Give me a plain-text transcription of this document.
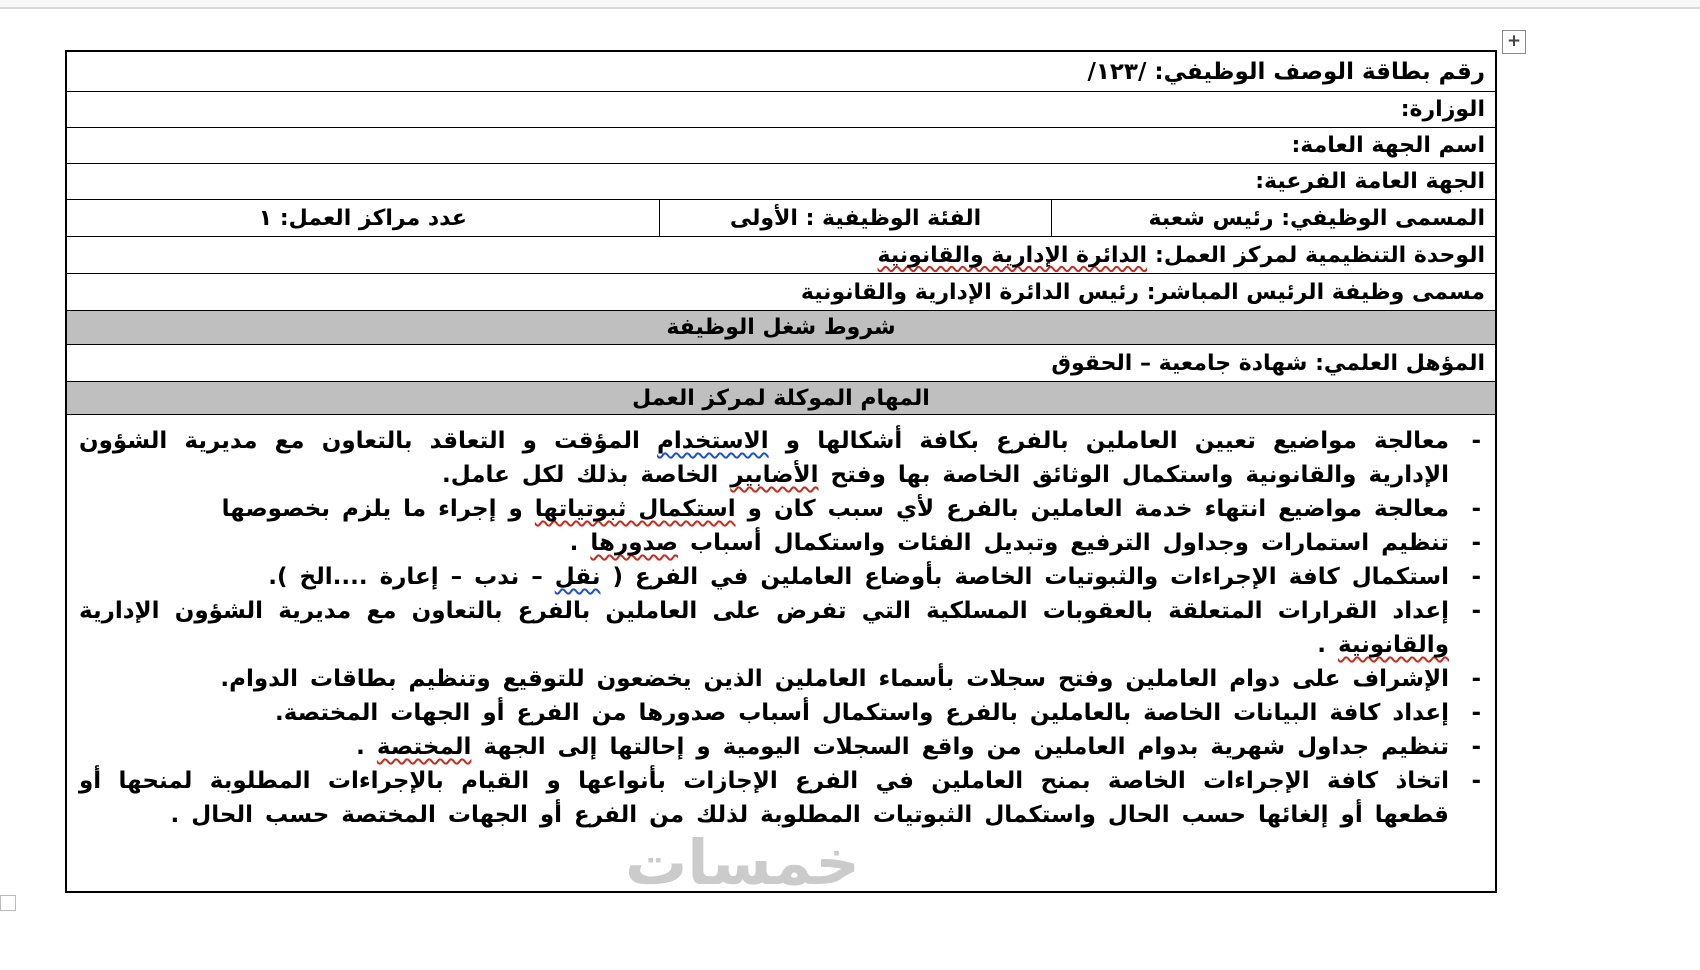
+
رقم بطاقة الوصف الوظيفي: /١٢٣/
الوزارة:
اسم الجهة العامة:
الجهة العامة الفرعية:
المسمى الوظيفي: رئيس شعبة
الفئة الوظيفية : الأولى
عدد مراكز العمل: ١
الوحدة التنظيمية لمركز العمل:
الدائرة الإدارية والقانونية
مسمى وظيفة الرئيس المباشر: رئيس الدائرة الإدارية والقانونية
شروط شغل الوظيفة
المؤهل العلمي: شهادة جامعية – الحقوق
المهام الموكلة لمركز العمل
-
معالجة مواضيع تعيين العاملين بالفرع بكافة أشكالها و الاستخدام المؤقت و التعاقد بالتعاون مع مديرية الشؤون الإدارية والقانونية واستكمال الوثائق الخاصة بها وفتح الأضابير الخاصة بذلك لكل عامل.
-
معالجة مواضيع انتهاء خدمة العاملين بالفرع لأي سبب كان و استكمال ثبوتياتها و إجراء ما يلزم بخصوصها
-
تنظيم استمارات وجداول الترفيع وتبديل الفئات واستكمال أسباب صدورها .
-
استكمال كافة الإجراءات والثبوتيات الخاصة بأوضاع العاملين في الفرع ( نقل – ندب – إعارة ....الخ ).
-
إعداد القرارات المتعلقة بالعقوبات المسلكية التي تفرض على العاملين بالفرع بالتعاون مع مديرية الشؤون الإدارية والقانونية .
-
الإشراف على دوام العاملين وفتح سجلات بأسماء العاملين الذين يخضعون للتوقيع وتنظيم بطاقات الدوام.
-
إعداد كافة البيانات الخاصة بالعاملين بالفرع واستكمال أسباب صدورها من الفرع أو الجهات المختصة.
-
تنظيم جداول شهرية بدوام العاملين من واقع السجلات اليومية و إحالتها إلى الجهة المختصة .
-
اتخاذ كافة الإجراءات الخاصة بمنح العاملين في الفرع الإجازات بأنواعها و القيام بالإجراءات المطلوبة لمنحها أو قطعها أو إلغائها حسب الحال واستكمال الثبوتيات المطلوبة لذلك من الفرع أو الجهات المختصة حسب الحال .
خمسات
